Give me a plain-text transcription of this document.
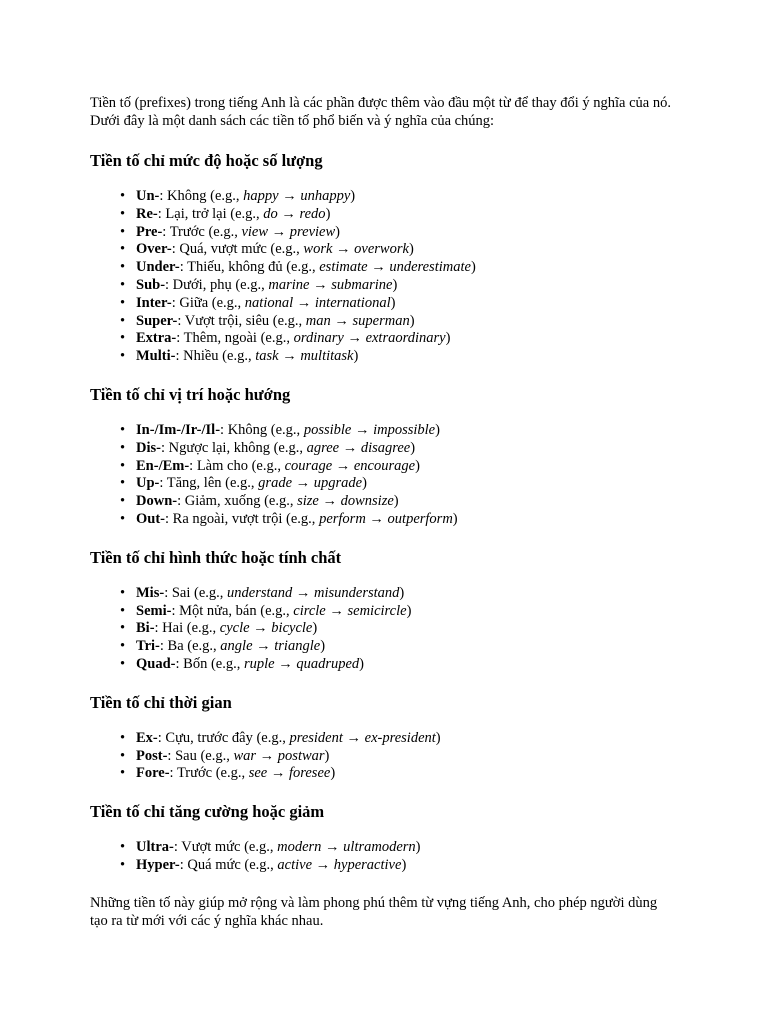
Tiền tố (prefixes) trong tiếng Anh là các phần được thêm vào đầu một từ để thay đổi ý nghĩa của nó. Dưới đây là một danh sách các tiền tố phổ biến và ý nghĩa của chúng:

Tiền tố chỉ mức độ hoặc số lượng
• Un-: Không (e.g., happy → unhappy)
• Re-: Lại, trở lại (e.g., do → redo)
• Pre-: Trước (e.g., view → preview)
• Over-: Quá, vượt mức (e.g., work → overwork)
• Under-: Thiếu, không đủ (e.g., estimate → underestimate)
• Sub-: Dưới, phụ (e.g., marine → submarine)
• Inter-: Giữa (e.g., national → international)
• Super-: Vượt trội, siêu (e.g., man → superman)
• Extra-: Thêm, ngoài (e.g., ordinary → extraordinary)
• Multi-: Nhiều (e.g., task → multitask)
Tiền tố chỉ vị trí hoặc hướng
• In-/Im-/Ir-/Il-: Không (e.g., possible → impossible)
• Dis-: Ngược lại, không (e.g., agree → disagree)
• En-/Em-: Làm cho (e.g., courage → encourage)
• Up-: Tăng, lên (e.g., grade → upgrade)
• Down-: Giảm, xuống (e.g., size → downsize)
• Out-: Ra ngoài, vượt trội (e.g., perform → outperform)
Tiền tố chỉ hình thức hoặc tính chất
• Mis-: Sai (e.g., understand → misunderstand)
• Semi-: Một nửa, bán (e.g., circle → semicircle)
• Bi-: Hai (e.g., cycle → bicycle)
• Tri-: Ba (e.g., angle → triangle)
• Quad-: Bốn (e.g., ruple → quadruped)
Tiền tố chỉ thời gian
• Ex-: Cựu, trước đây (e.g., president → ex-president)
• Post-: Sau (e.g., war → postwar)
• Fore-: Trước (e.g., see → foresee)
Tiền tố chỉ tăng cường hoặc giảm
• Ultra-: Vượt mức (e.g., modern → ultramodern)
• Hyper-: Quá mức (e.g., active → hyperactive)

Những tiền tố này giúp mở rộng và làm phong phú thêm từ vựng tiếng Anh, cho phép người dùng tạo ra từ mới với các ý nghĩa khác nhau.
